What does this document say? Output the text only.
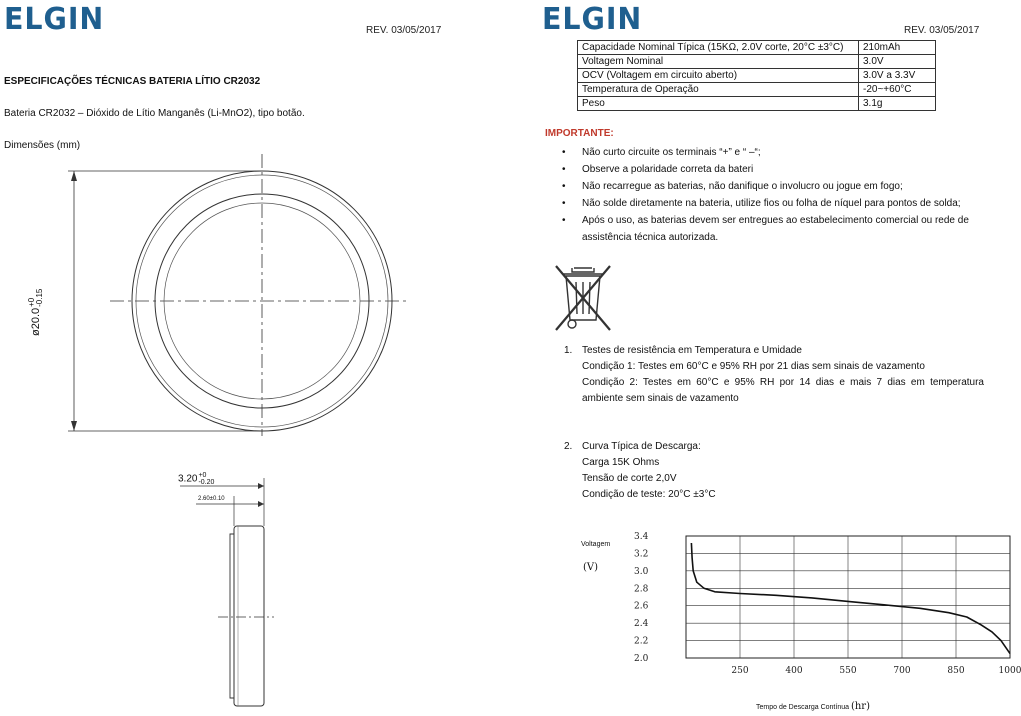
ELGIN	REV. 03/05/2017
ESPECIFICAÇÕES TÉCNICAS BATERIA LÍTIO CR2032
Bateria CR2032 – Dióxido de Lítio Manganês (Li-MnO2), tipo botão.
Dimensões (mm)
ø20.0
+0 -0.15
3.20 +0
-0.20
2.60±0.10
ELGIN	REV. 03/05/2017
Capacidade Nominal Típica (15KΩ, 2.0V corte, 20°C ±3°C)	210mAh
Voltagem Nominal	3.0V
OCV (Voltagem em circuito aberto)	3.0V a 3.3V
Temperatura de Operação	-20~+60°C
Peso	3.1g
IMPORTANTE:
• Não curto circuite os terminais “+” e “ –“;
• Observe a polaridade correta da bateri
• Não recarregue as baterias, não danifique o involucro ou jogue em fogo;
• Não solde diretamente na bateria, utilize fios ou folha de níquel para pontos de solda;
• Após o uso, as baterias devem ser entregues ao estabelecimento comercial ou rede de
assistência técnica autorizada.
1. Testes de resistência em Temperatura e Umidade
Condição 1: Testes em 60°C e 95% RH por 21 dias sem sinais de vazamento
Condição 2: Testes em 60°C e 95% RH por 14 dias e mais 7 dias em temperatura
ambiente sem sinais de vazamento
2. Curva Típica de Descarga:
Carga 15K Ohms
Tensão de corte 2,0V
Condição de teste: 20°C ±3°C
Voltagem
(V)
Tempo de Descarga Contínua (hr)
3.4
3.2
3.0
2.8
2.6
2.4
2.2
2.0
250	400	550	700	850	1000
